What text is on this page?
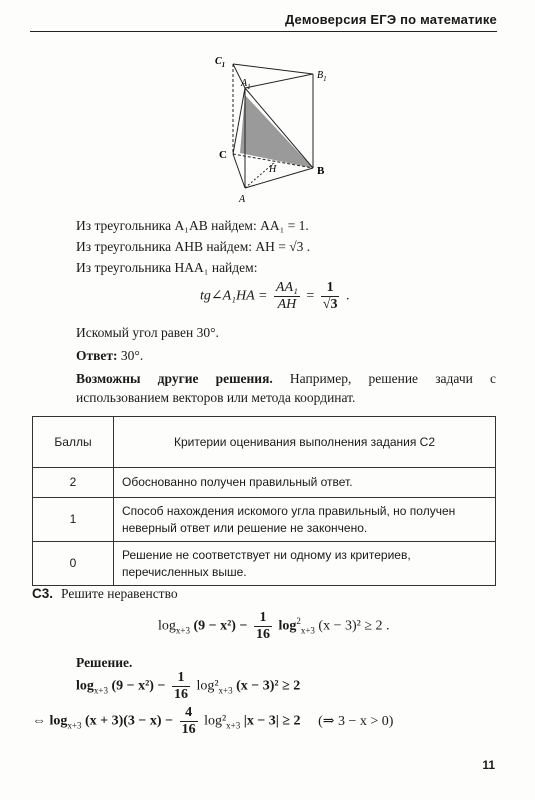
Демоверсия ЕГЭ по математике
$C_1$
$B_1$
$A_1$
C
H	B
A

Из треугольника A₁AB найдем: AA₁ = 1.

Из треугольника AHB найдем: AH = √3 .

Из треугольника HAA₁ найдем:

tg∠A₁HA = $\frac{\text{AA₁}}{AH} = \frac{1}{√3}$ .

Искомый угол равен 30°.

Ответ: 30°.

Возможны другие решения. Например, решение задачи с использованием векторов или метода координат.
Баллы	Критерии оценивания выполнения задания С2
2	Обоснованно получен правильный ответ.
1	Способ нахождения искомого угла правильный, но получен неверный ответ или решение не закончено.
0	Решение не соответствует ни одному из критериев, перечисленных выше.
С3. Решите неравенство
$\log_{x+3} (9 - x^2) - \frac{1}{16} \log^2_{x+3} (x - 3)^2 \ge 2$ .

Решение.

$\log_{x+3} (9 - x^2) - \frac{1}{16} \log^2_{x+3}$ (x − 3)² ≥ 2
⇔ $\log_{x+3} (x + 3)(3 - x) - \frac{4}{16} \log^2_{x+3}$ |x − 3| ≥ 2 (⇒ 3 − x > 0)
11
